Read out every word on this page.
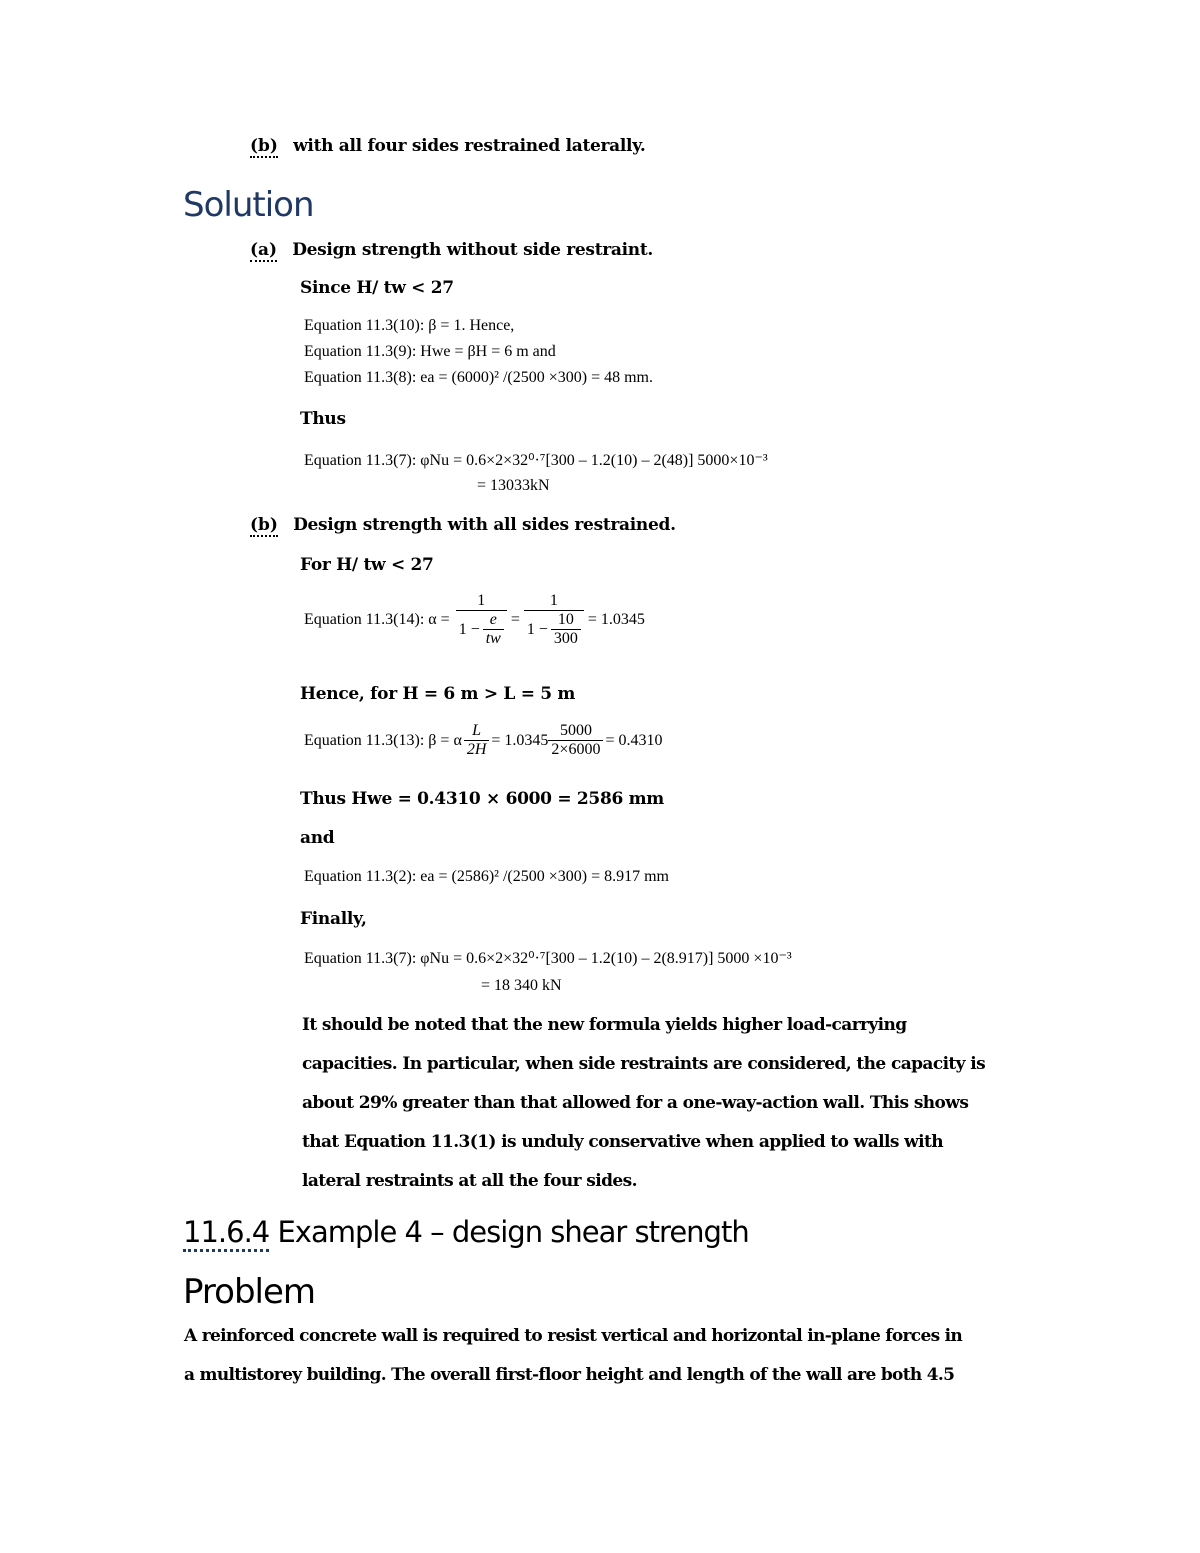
(b) with all four sides restrained laterally.
Solution
(a) Design strength without side restraint.
Since H/ tw < 27
Equation 11.3(10): β = 1. Hence,
Equation 11.3(9): Hwe = βH = 6 m and
Equation 11.3(8): ea = (6000)² /(2500 ×300) = 48 mm.
Thus
Equation 11.3(7): φNu = 0.6×2×32⁰·⁷[300 – 1.2(10) – 2(48)] 5000×10⁻³
= 13033kN
(b) Design strength with all sides restrained.
For H/ tw < 27
Equation 11.3(14): $\alpha = \frac{1}{1 - \frac{e}{tw}} = \frac{1}{1 - \frac{10}{300}} = 1.0345$
Hence, for H = 6 m > L = 5 m
Equation 11.3(13): β = α $\frac{L}{2H} = 1.0345 \frac{5000}{2\times 6000} = 0.4310$
Thus Hwe = 0.4310 × 6000 = 2586 mm
and
Equation 11.3(2): ea = (2586)² /(2500 ×300) = 8.917 mm
Finally,
Equation 11.3(7): φNu = 0.6×2×32⁰·⁷[300 – 1.2(10) – 2(8.917)] 5000 ×10⁻³
= 18 340 kN
It should be noted that the new formula yields higher load-carrying
capacities. In particular, when side restraints are considered, the capacity is
about 29% greater than that allowed for a one-way-action wall. This shows
that Equation 11.3(1) is unduly conservative when applied to walls with
lateral restraints at all the four sides.
11.6.4 Example 4 – design shear strength
Problem
A reinforced concrete wall is required to resist vertical and horizontal in-plane forces in
a multistorey building. The overall first-floor height and length of the wall are both 4.5
